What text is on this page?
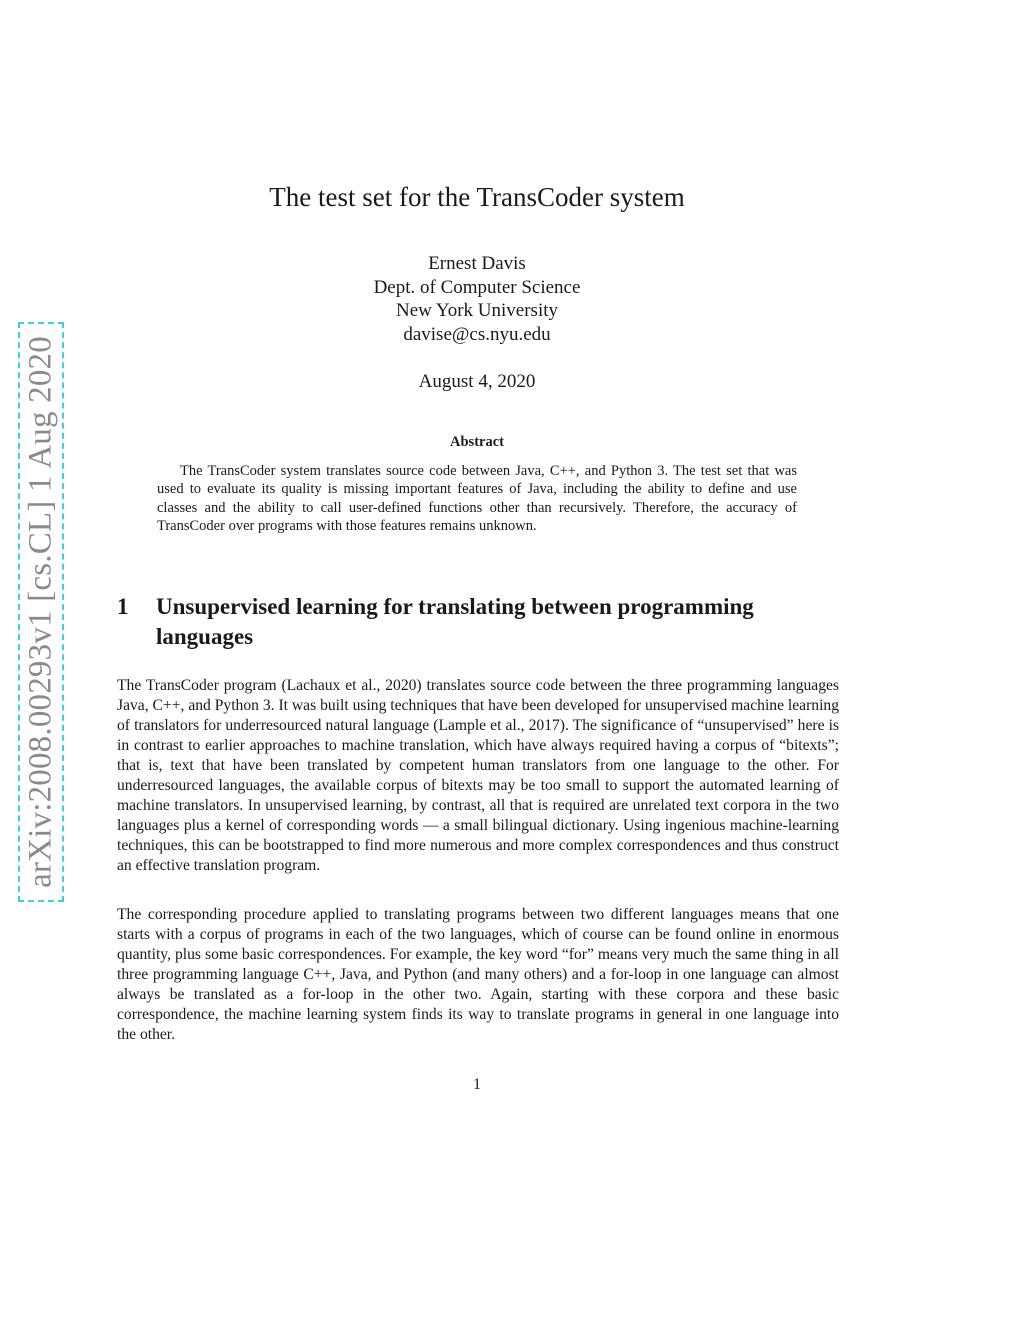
arXiv:2008.00293v1 [cs.CL] 1 Aug 2020
The test set for the TransCoder system
Ernest Davis
Dept. of Computer Science
New York University
davise@cs.nyu.edu
August 4, 2020
Abstract
The TransCoder system translates source code between Java, C++, and Python 3. The test set that was used to evaluate its quality is missing important features of Java, including the ability to define and use classes and the ability to call user-defined functions other than recursively. Therefore, the accuracy of TransCoder over programs with those features remains unknown.
1	Unsupervised learning for translating between programming languages
The TransCoder program (Lachaux et al., 2020) translates source code between the three programming languages Java, C++, and Python 3. It was built using techniques that have been developed for unsupervised machine learning of translators for underresourced natural language (Lample et al., 2017). The significance of “unsupervised” here is in contrast to earlier approaches to machine translation, which have always required having a corpus of “bitexts”; that is, text that have been translated by competent human translators from one language to the other. For underresourced languages, the available corpus of bitexts may be too small to support the automated learning of machine translators. In unsupervised learning, by contrast, all that is required are unrelated text corpora in the two languages plus a kernel of corresponding words — a small bilingual dictionary. Using ingenious machine-learning techniques, this can be bootstrapped to find more numerous and more complex correspondences and thus construct an effective translation program.
The corresponding procedure applied to translating programs between two different languages means that one starts with a corpus of programs in each of the two languages, which of course can be found online in enormous quantity, plus some basic correspondences. For example, the key word “for” means very much the same thing in all three programming language C++, Java, and Python (and many others) and a for-loop in one language can almost always be translated as a for-loop in the other two. Again, starting with these corpora and these basic correspondence, the machine learning system finds its way to translate programs in general in one language into the other.
1
